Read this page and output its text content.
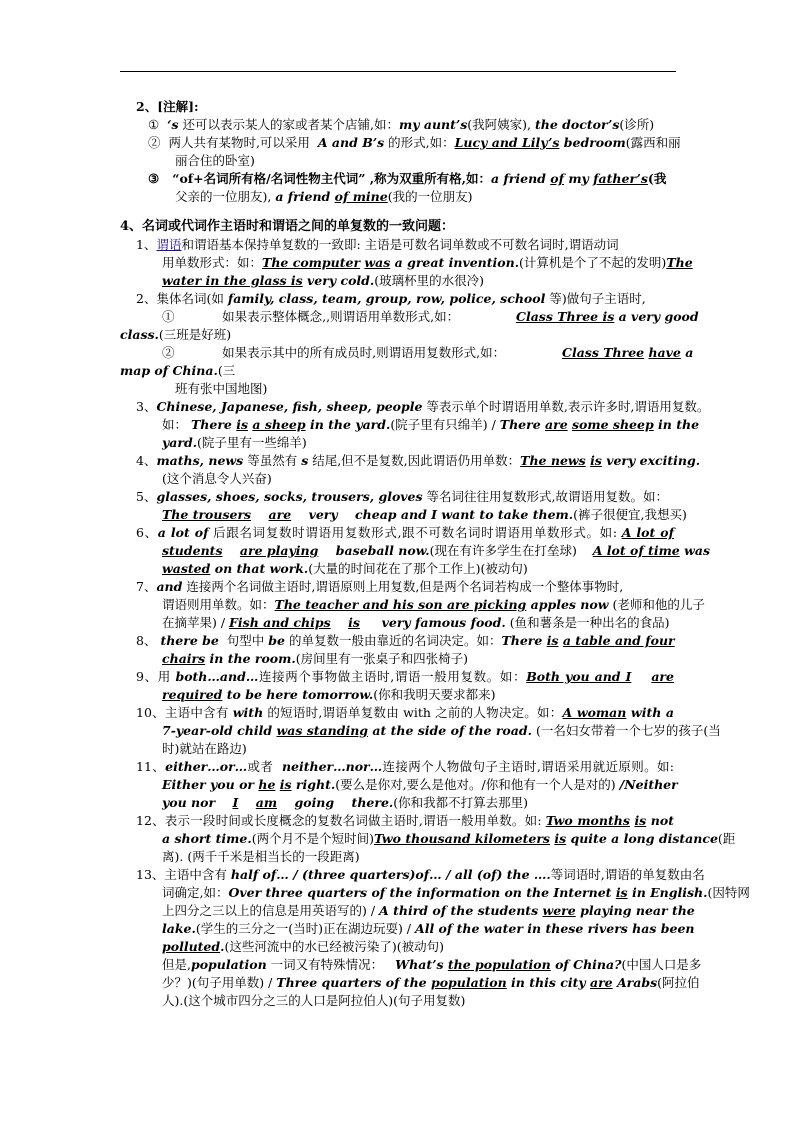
2、[注解]:
①  ‘s 还可以表示某人的家或者某个店铺,如：my aunt’s(我阿姨家), the doctor’s(诊所)
②  两人共有某物时,可以采用  A and B’s 的形式,如：Lucy and Lily’s bedroom(露西和丽
丽合住的卧室)
③   “of+名词所有格/名词性物主代词” ,称为双重所有格,如：a friend of my father’s(我
父亲的一位朋友), a friend of mine(我的一位朋友)
4、名词或代词作主语时和谓语之间的单复数的一致问题：
1、谓语和谓语基本保持单复数的一致即: 主语是可数名词单数或不可数名词时,谓语动词
用单数形式：如：The computer was a great invention.(计算机是个了不起的发明)The
water in the glass is very cold.(玻璃杯里的水很冷)
2、集体名词(如 family, class, team, group, row, police, school 等)做句子主语时,
①            如果表示整体概念,,则谓语用单数形式,如：	Class Three is a very good
class.(三班是好班)
②            如果表示其中的所有成员时,则谓语用复数形式,如：	Class Three have a
map of China.(三
班有张中国地图)
3、Chinese, Japanese, fish, sheep, people 等表示单个时谓语用单数,表示许多时,谓语用复数。
如： There is a sheep in the yard.(院子里有只绵羊) / There are some sheep in the
yard.(院子里有一些绵羊)
4、maths, news 等虽然有 s 结尾,但不是复数,因此谓语仍用单数：The news is very exciting.
(这个消息令人兴奋)
5、glasses, shoes, socks, trousers, gloves 等名词往往用复数形式,故谓语用复数。如：
The trousers are    very    cheap and I want to take them.(裤子很便宜,我想买)
6、a lot of 后跟名词复数时谓语用复数形式,跟不可数名词时谓语用单数形式。如: A lot of
students are playing    baseball now.(现在有许多学生在打垒球)    A lot of time was
wasted on that work.(大量的时间花在了那个工作上)(被动句)
7、and 连接两个名词做主语时,谓语原则上用复数,但是两个名词若构成一个整体事物时,
谓语则用单数。如：The teacher and his son are picking apples now (老师和他的儿子
在摘苹果) / Fish and chips is     very famous food. (鱼和薯条是一种出名的食品)
8、 there be  句型中 be 的单复数一般由靠近的名词决定。如：There is a table and four
chairs in the room.(房间里有一张桌子和四张椅子)
9、用 both…and…连接两个事物做主语时,谓语一般用复数。如：Both you and I are
required to be here tomorrow.(你和我明天要求都来)
10、主语中含有 with 的短语时,谓语单复数由 with 之前的人物决定。如：A woman with a
7-year-old child was standing at the side of the road. (一名妇女带着一个七岁的孩子(当
时)就站在路边)
11、either…or…或者  neither…nor…连接两个人物做句子主语时,谓语采用就近原则。如:
Either you or he is right.(要么是你对,要么是他对。/你和他有一个人是对的) /Neither
you nor    I am    going    there.(你和我都不打算去那里)
12、表示一段时间或长度概念的复数名词做主语时,谓语一般用单数。如: Two months is not
a short time.(两个月不是个短时间)Two thousand kilometers is quite a long distance(距
离). (两千千米是相当长的一段距离)
13、主语中含有 half of… / (three quarters)of… / all (of) the ….等词语时,谓语的单复数由名
词确定,如：Over three quarters of the information on the Internet is in English.(因特网
上四分之三以上的信息是用英语写的) / A third of the students were playing near the
lake.(学生的三分之一(当时)正在湖边玩耍) / All of the water in these rivers has been
polluted.(这些河流中的水已经被污染了)(被动句)
但是,population 一词又有特殊情况：   What’s the population of China?(中国人口是多
少？)(句子用单数) / Three quarters of the population in this city are Arabs(阿拉伯
人).(这个城市四分之三的人口是阿拉伯人)(句子用复数)
